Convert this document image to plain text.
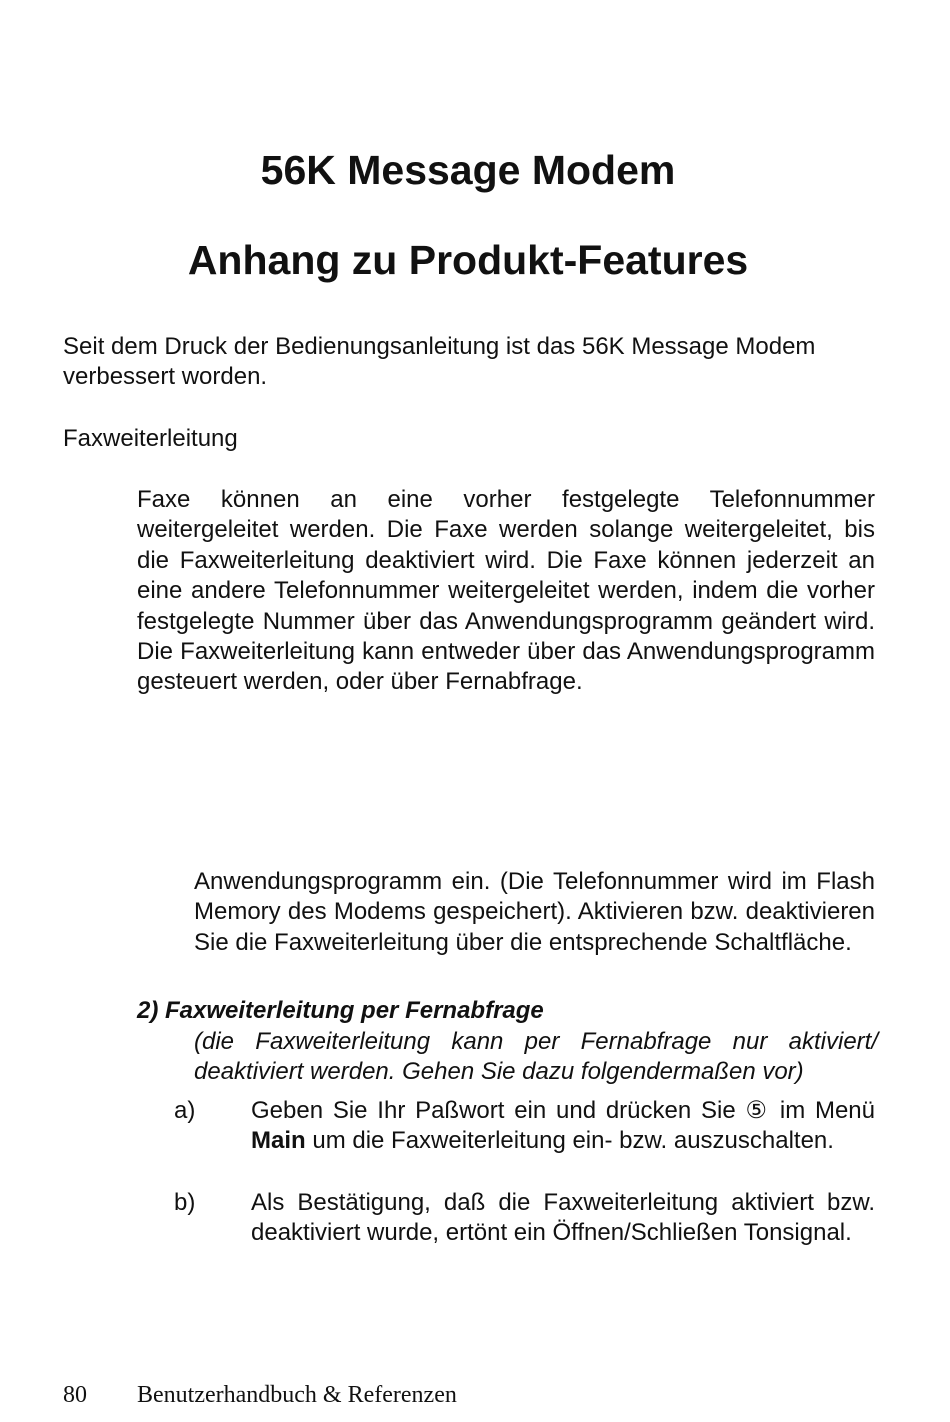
56K Message Modem
Anhang zu Produkt-Features

Seit dem Druck der Bedienungsanleitung ist das 56K Message Modem verbessert worden.

Faxweiterleitung

Faxe können an eine vorher festgelegte Telefonnummer weitergeleitet werden. Die Faxe werden solange weitergeleitet, bis die Faxweiterleitung deaktiviert wird. Die Faxe können jederzeit an eine andere Telefonnummer weitergeleitet werden, indem die vorher festgelegte Nummer über das Anwendungsprogramm geändert wird. Die Faxweiterleitung kann entweder über das Anwendungsprogramm gesteuert werden, oder über Fernabfrage.

Anwendungsprogramm ein. (Die Telefonnummer wird im Flash Memory des Modems gespeichert). Aktivieren bzw. deaktivieren Sie die Faxweiterleitung über die entsprechende Schaltfläche.

2) Faxweiterleitung per Fernabfrage

(die Faxweiterleitung kann per Fernabfrage nur aktiviert/ deaktiviert werden. Gehen Sie dazu folgendermaßen vor)

a) Geben Sie Ihr Paßwort ein und drücken Sie ⑤ im Menü Main um die Faxweiterleitung ein- bzw. auszuschalten.
b) Als Bestätigung, daß die Faxweiterleitung aktiviert bzw. deaktiviert wurde, ertönt ein Öffnen/Schließen Tonsignal.
80 Benutzerhandbuch & Referenzen
